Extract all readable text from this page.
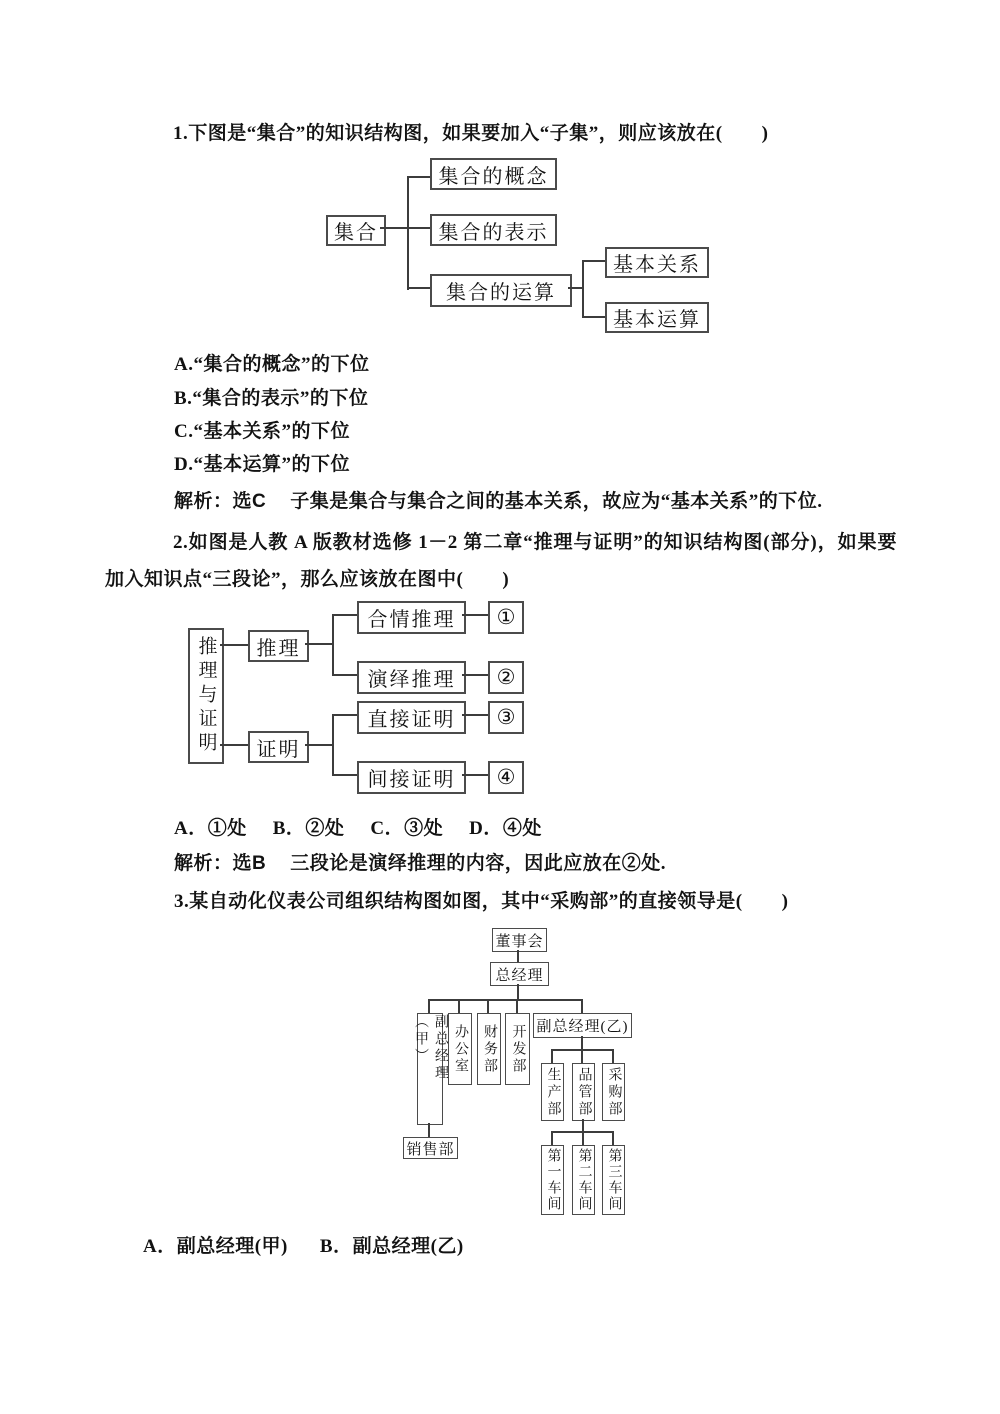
1.下图是“集合”的知识结构图，如果要加入“子集”，则应该放在(　　)
集合
集合的概念
集合的表示
集合的运算
基本关系
基本运算
A.“集合的概念”的下位
B.“集合的表示”的下位
C.“基本关系”的下位
D.“基本运算”的下位
解析：选C 子集是集合与集合之间的基本关系，故应为“基本关系”的下位.
2.如图是人教 A 版教材选修 1－2 第二章“推理与证明”的知识结构图(部分)，如果要加入知识点“三段论”，那么应该放在图中(　　)
推理与证明	推理
证明
合情推理
演绎推理
直接证明
间接证明
①
②
③
④
A．①处 B．②处 C．③处 D．④处
解析：选B 三段论是演绎推理的内容，因此应放在②处.
3.某自动化仪表公司组织结构图如图，其中“采购部”的直接领导是(　　)
董事会
总经理
副总经理（甲）	办公室	财务部 开发部 副总经理(乙)
销售部
生产部	品管部	采购部
第一车间	第二车间	第三车间
A．副总经理(甲) B．副总经理(乙)
